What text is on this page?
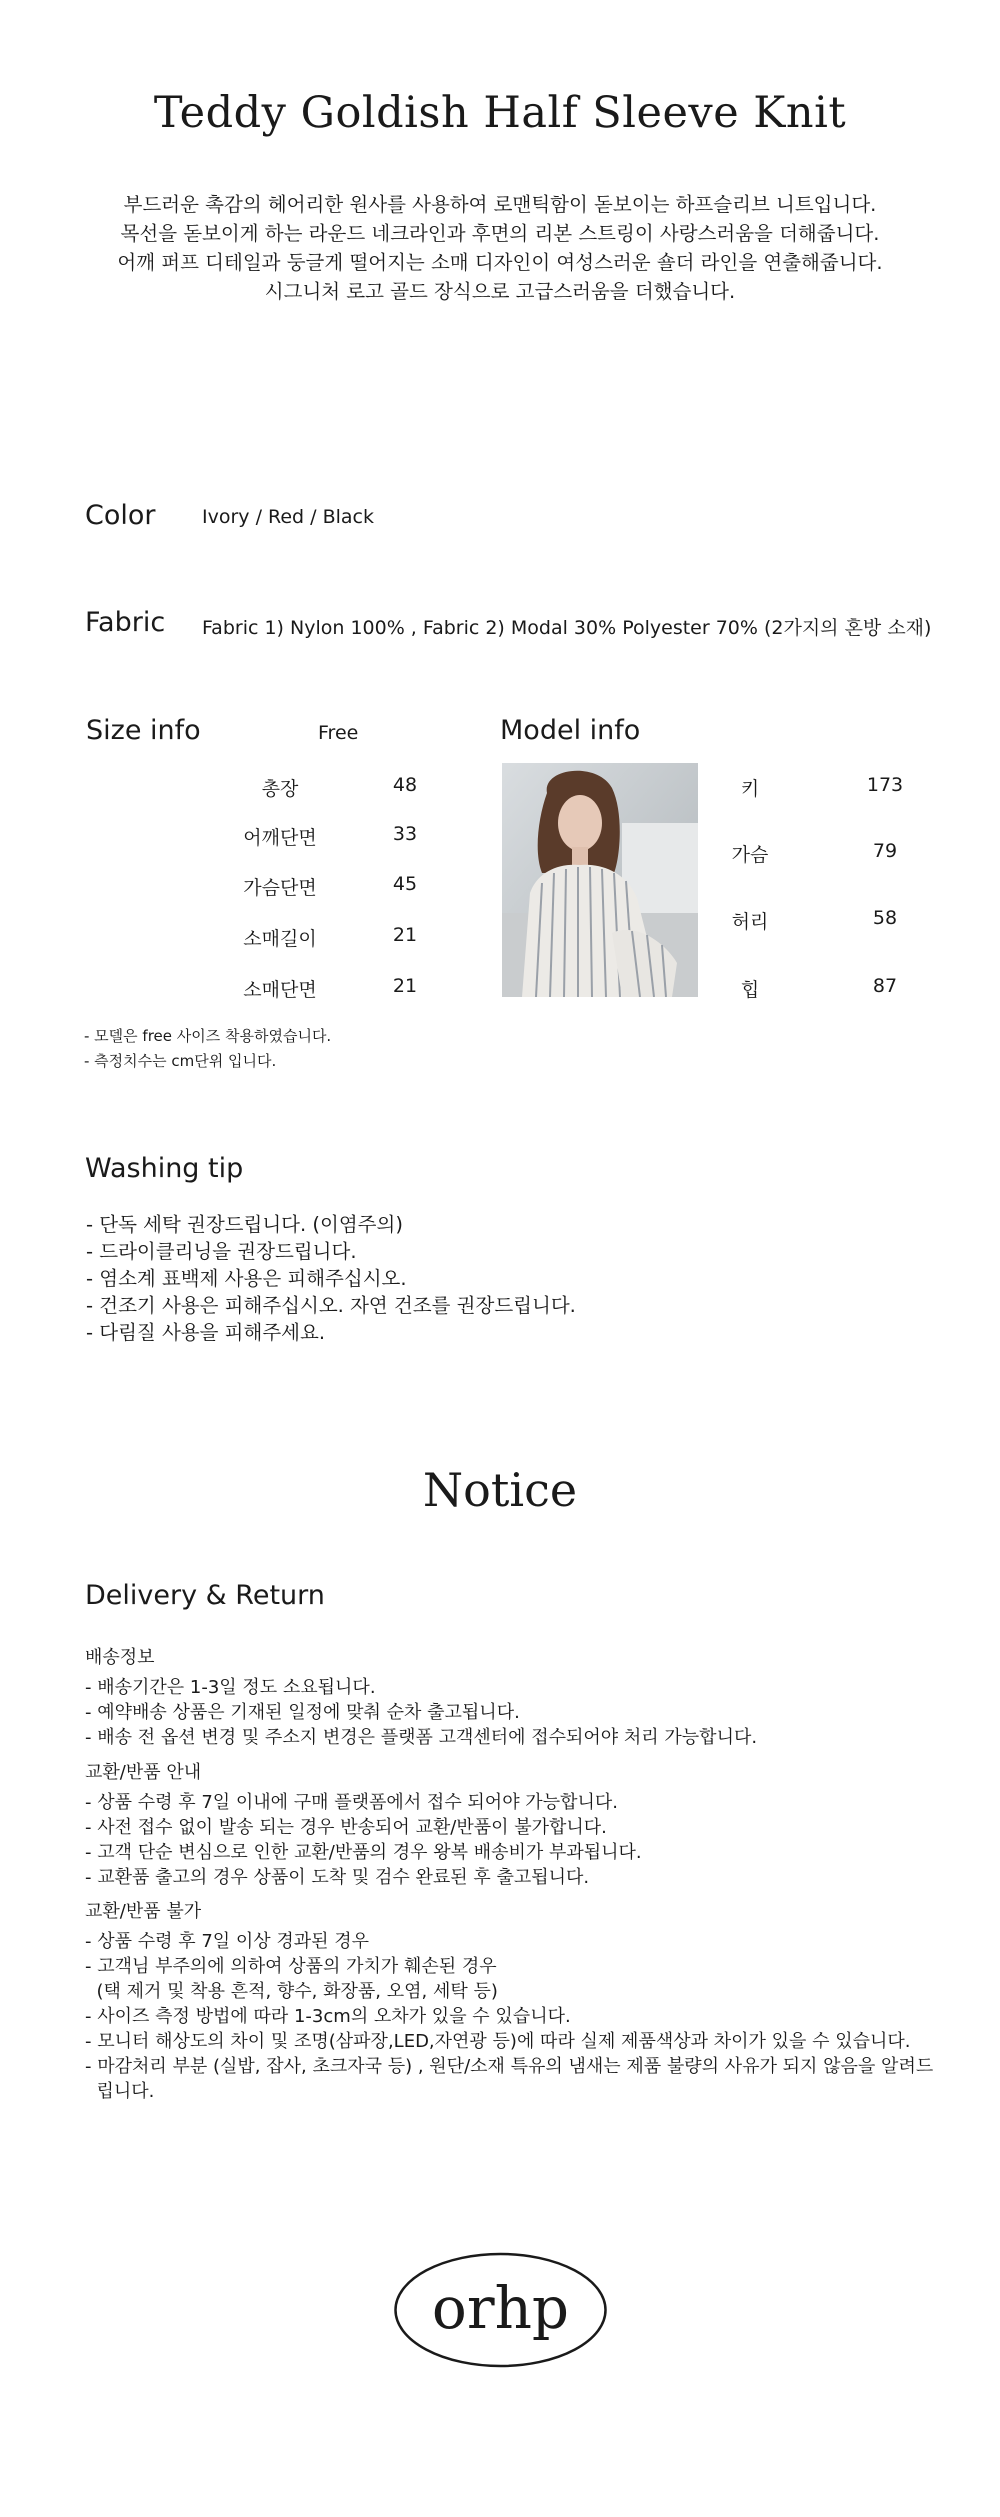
Teddy Goldish Half Sleeve Knit
부드러운 촉감의 헤어리한 원사를 사용하여 로맨틱함이 돋보이는 하프슬리브 니트입니다.
목선을 돋보이게 하는 라운드 네크라인과 후면의 리본 스트링이 사랑스러움을 더해줍니다.
어깨 퍼프 디테일과 둥글게 떨어지는 소매 디자인이 여성스러운 숄더 라인을 연출해줍니다.
시그니처 로고 골드 장식으로 고급스러움을 더했습니다.
Color Ivory / Red / Black
Fabric Fabric 1) Nylon 100% , Fabric 2) Modal 30% Polyester 70% (2가지의 혼방 소재)
Size info	Free
총장	48
어깨단면	33
가슴단면	45
소매길이	21
소매단면	21
Model info
키	173
가슴	79
허리	58
힙	87
- 모델은 free 사이즈 착용하였습니다.
- 측정치수는 cm단위 입니다.
Washing tip
- 단독 세탁 권장드립니다. (이염주의)
- 드라이클리닝을 권장드립니다.
- 염소계 표백제 사용은 피해주십시오.
- 건조기 사용은 피해주십시오. 자연 건조를 권장드립니다.
- 다림질 사용을 피해주세요.
Notice
Delivery & Return
배송정보
- 배송기간은 1-3일 정도 소요됩니다.
- 예약배송 상품은 기재된 일정에 맞춰 순차 출고됩니다.
- 배송 전 옵션 변경 및 주소지 변경은 플랫폼 고객센터에 접수되어야 처리 가능합니다.
교환/반품 안내
- 상품 수령 후 7일 이내에 구매 플랫폼에서 접수 되어야 가능합니다.
- 사전 접수 없이 발송 되는 경우 반송되어 교환/반품이 불가합니다.
- 고객 단순 변심으로 인한 교환/반품의 경우 왕복 배송비가 부과됩니다.
- 교환품 출고의 경우 상품이 도착 및 검수 완료된 후 출고됩니다.
교환/반품 불가
- 상품 수령 후 7일 이상 경과된 경우
- 고객님 부주의에 의하여 상품의 가치가 훼손된 경우
(택 제거 및 착용 흔적, 향수, 화장품, 오염, 세탁 등)
- 사이즈 측정 방법에 따라 1-3cm의 오차가 있을 수 있습니다.
- 모니터 해상도의 차이 및 조명(삼파장,LED,자연광 등)에 따라 실제 제품색상과 차이가 있을 수 있습니다.
- 마감처리 부분 (실밥, 잡사, 초크자국 등) , 원단/소재 특유의 냄새는 제품 불량의 사유가 되지 않음을 알려드
립니다.
orhp
